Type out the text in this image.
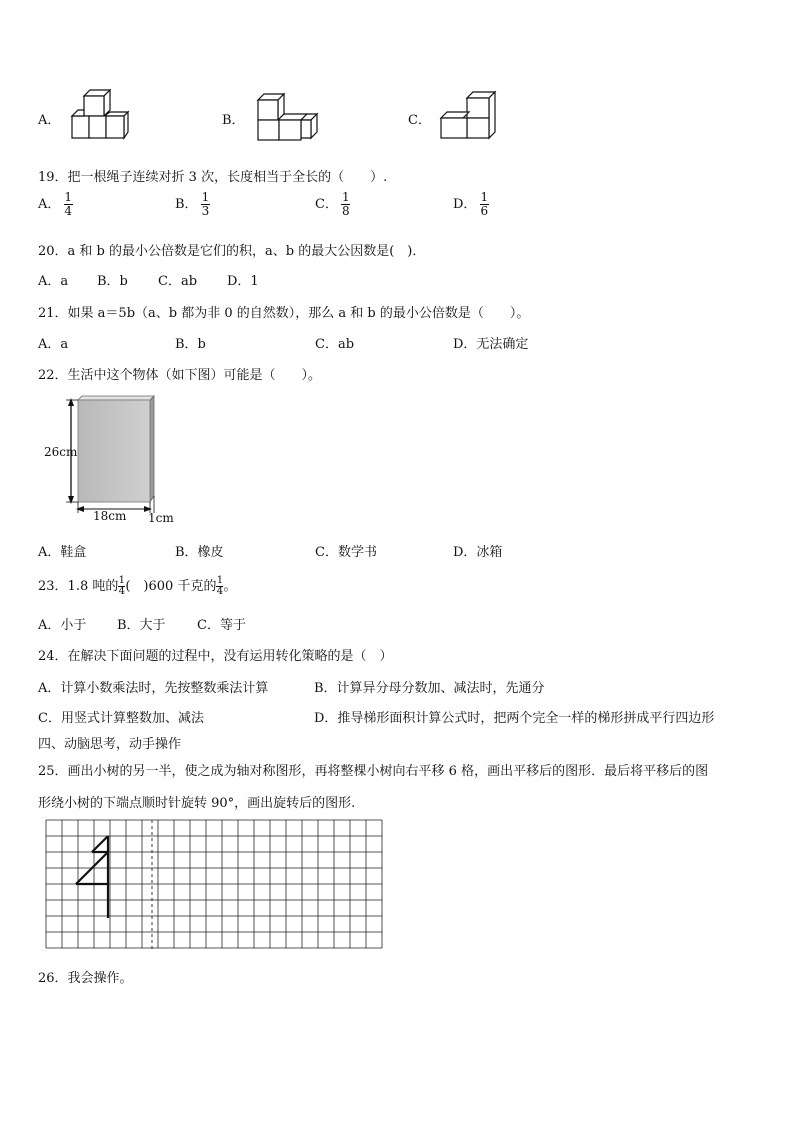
A．	B．	C．
19．把一根绳子连续对折 3 次，长度相当于全长的（　　）.
A． $\frac{1}{4}$	B． $\frac{1}{3}$	C． $\frac{1}{8}$	D． $\frac{1}{6}$
20．a 和 b 的最小公倍数是它们的积，a、b 的最大公因数是(　)．
A．a B．b C．ab D．1
21．如果 a＝5b（a、b 都为非 0 的自然数），那么 a 和 b 的最小公倍数是（　　）。
A．a	B．b	C．ab	D．无法确定
22．生活中这个物体（如下图）可能是（　　）。
26cm
18cm 1cm
A．鞋盒	B．橡皮	C．数学书	D．冰箱
23．1.8 吨的 $\frac{1}{4}$ (　)600 千克的 $\frac{1}{4}$ 。
A．小于 B．大于 C．等于
24．在解决下面问题的过程中，没有运用转化策略的是（　）
A．计算小数乘法时，先按整数乘法计算	B．计算异分母分数加、减法时，先通分
C．用竖式计算整数加、减法	D．推导梯形面积计算公式时，把两个完全一样的梯形拼成平行四边形
四、动脑思考，动手操作
25．画出小树的另一半，使之成为轴对称图形，再将整棵小树向右平移 6 格，画出平移后的图形．最后将平移后的图
形绕小树的下端点顺时针旋转 90°，画出旋转后的图形.
26．我会操作。
